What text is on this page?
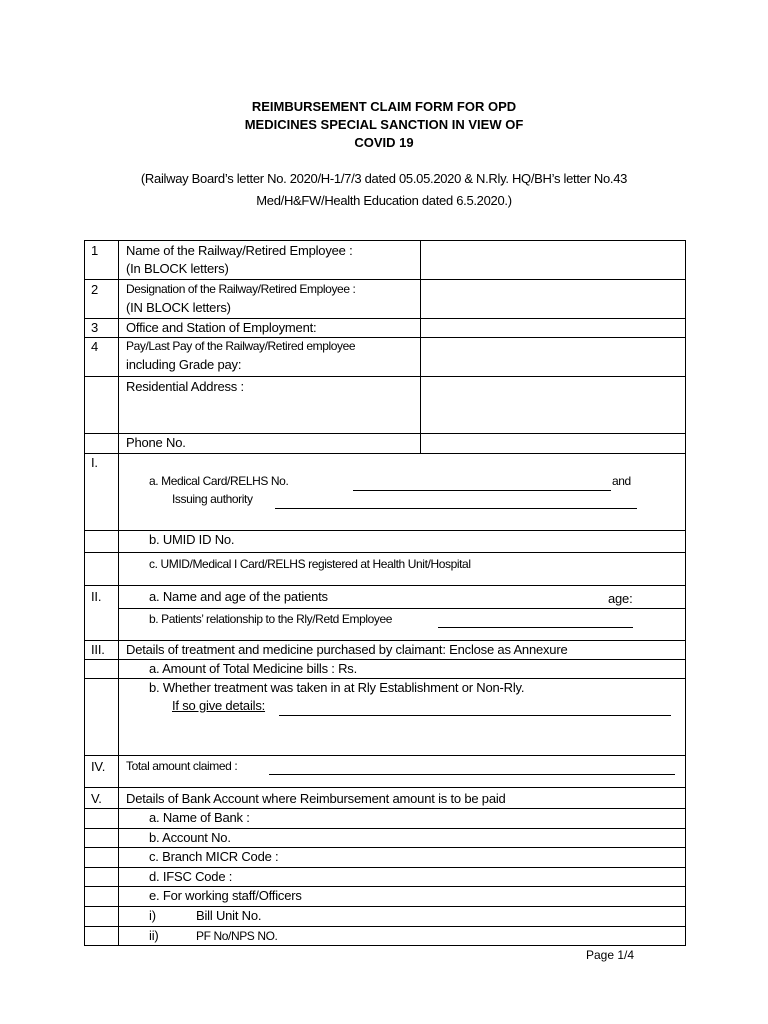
REIMBURSEMENT CLAIM FORM FOR OPD
MEDICINES SPECIAL SANCTION IN VIEW OF
COVID 19
(Railway Board’s letter No. 2020/H-1/7/3 dated 05.05.2020 & N.Rly. HQ/BH’s letter No.43
Med/H&FW/Health Education dated 6.5.2020.)
1 Name of the Railway/Retired Employee :
(In BLOCK letters)
2 Designation of the Railway/Retired Employee :
(IN BLOCK letters)
3 Office and Station of Employment:
4 Pay/Last Pay of the Railway/Retired employee
including Grade pay:
Residential Address :
Phone No.
I.
a. Medical Card/RELHS No.	and
Issuing authority
b. UMID ID No.
c. UMID/Medical I Card/RELHS registered at Health Unit/Hospital
II.	a. Name and age of the patients	age:
b. Patients’ relationship to the Rly/Retd Employee
III. Details of treatment and medicine purchased by claimant: Enclose as Annexure
a. Amount of Total Medicine bills : Rs.
b. Whether treatment was taken in at Rly Establishment or Non-Rly.
If so give details:
IV. Total amount claimed :
V. Details of Bank Account where Reimbursement amount is to be paid
a. Name of Bank :
b. Account No.
c. Branch MICR Code :
d. IFSC Code :
e. For working staff/Officers
i)	Bill Unit No.
ii)	PF No/NPS NO.
Page 1/4
